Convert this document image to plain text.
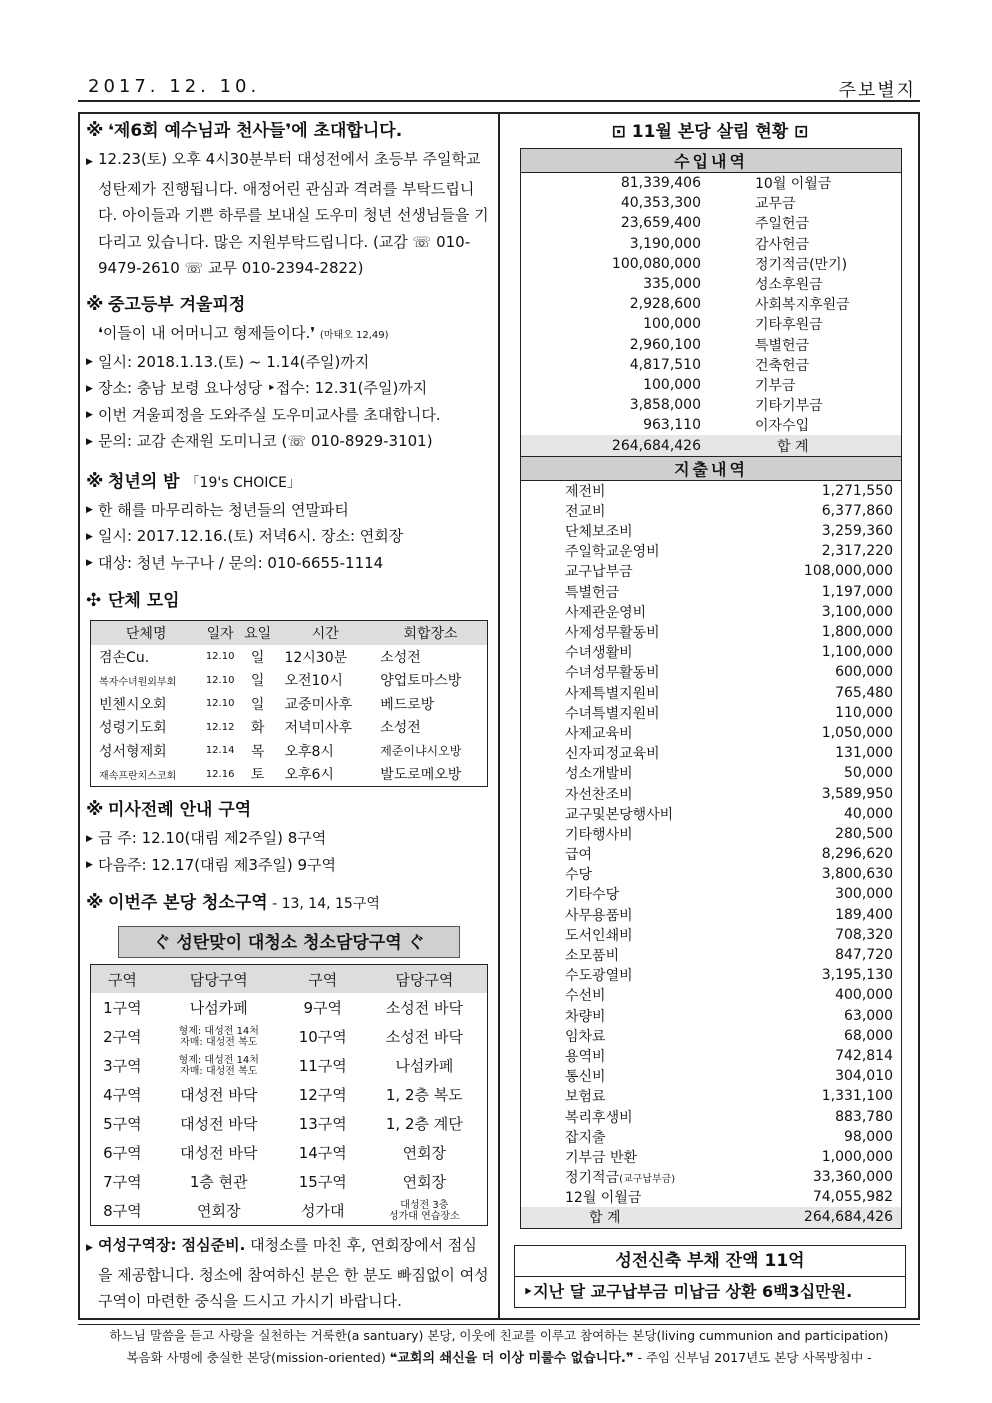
2017. 12. 10.	주보별지
※ ❛제6회 예수님과 천사들❜에 초대합니다.
▶ 12.23(토) 오후 4시30분부터 대성전에서 초등부 주일학교 성탄제가 진행됩니다. 애정어린 관심과 격려를 부탁드립니다. 아이들과 기쁜 하루를 보내실 도우미 청년 선생님들을 기다리고 있습니다. 많은 지원부탁드립니다. (교감 ☏ 010-9479-2610 ☏ 교무 010-2394-2822)
※ 중고등부 겨울피정
❛이들이 내 어머니고 형제들이다.❜ (마태오 12,49)
▶ 일시: 2018.1.13.(토) ~ 1.14(주일)까지
▶ 장소: 충남 보령 요나성당 ‣접수: 12.31(주일)까지
▶ 이번 겨울피정을 도와주실 도우미교사를 초대합니다.
▶ 문의: 교감 손재원 도미니코 (☏ 010-8929-3101)
※ 청년의 밤 「19's CHOICE」
▶ 한 해를 마무리하는 청년들의 연말파티
▶ 일시: 2017.12.16.(토) 저녁6시. 장소: 연회장
▶ 대상: 청년 누구나 / 문의: 010-6655-1114
✣ 단체 모임
단체명	일자	요일	시간	회합장소
겸손Cu.	12.10	일	12시30분	소성전
복자수녀원외부회	12.10	일	오전10시	양업토마스방
빈첸시오회	12.10	일	교중미사후	베드로방
성령기도회	12.12	화	저녁미사후	소성전
성서형제회	12.14	목	오후8시	제준이냐시오방
재속프란치스코회	12.16	토	오후6시	발도로메오방
※ 미사전례 안내 구역
▶ 금 주: 12.10(대림 제2주일) 8구역
▶ 다음주: 12.17(대림 제3주일) 9구역
※ 이번주 본당 청소구역 - 13, 14, 15구역
ぐ 성탄맞이 대청소 청소담당구역 ぐ
구역	담당구역	구역	담당구역
1구역	나섬카페	9구역	소성전 바닥
2구역	형제: 대성전 14처
자매: 대성전 복도	10구역	소성전 바닥
3구역	형제: 대성전 14처
자매: 대성전 복도	11구역	나섬카페
4구역	대성전 바닥	12구역	1, 2층 복도
5구역	대성전 바닥	13구역	1, 2층 계단
6구역	대성전 바닥	14구역	연회장
7구역	1층 현관	15구역	연회장
8구역	연회장	성가대	대성전 3층
성가대 연습장소
▶ 여성구역장: 점심준비. 대청소를 마친 후, 연회장에서 점심을 제공합니다. 청소에 참여하신 분은 한 분도 빠짐없이 여성구역이 마련한 중식을 드시고 가시기 바랍니다.
⊡ 11월 본당 살림 현황 ⊡
수입내역
81,339,406	10월 이월금
40,353,300	교무금
23,659,400	주일헌금
3,190,000	감사헌금
100,080,000	정기적금(만기)
335,000	성소후원금
2,928,600	사회복지후원금
100,000	기타후원금
2,960,100	특별헌금
4,817,510	건축헌금
100,000	기부금
3,858,000	기타기부금
963,110	이자수입
264,684,426	합 계
지출내역
제전비	1,271,550
전교비	6,377,860
단체보조비	3,259,360
주일학교운영비	2,317,220
교구납부금	108,000,000
특별헌금	1,197,000
사제관운영비	3,100,000
사제성무활동비	1,800,000
수녀생활비	1,100,000
수녀성무활동비	600,000
사제특별지원비	765,480
수녀특별지원비	110,000
사제교육비	1,050,000
신자피정교육비	131,000
성소개발비	50,000
자선찬조비	3,589,950
교구및본당행사비	40,000
기타행사비	280,500
급여	8,296,620
수당	3,800,630
기타수당	300,000
사무용품비	189,400
도서인쇄비	708,320
소모품비	847,720
수도광열비	3,195,130
수선비	400,000
차량비	63,000
임차료	68,000
용역비	742,814
통신비	304,010
보험료	1,331,100
복리후생비	883,780
잡지출	98,000
기부금 반환	1,000,000
정기적금(교구납부금)	33,360,000
12월 이월금	74,055,982
합 계	264,684,426
성전신축 부채 잔액 11억
‣지난 달 교구납부금 미납금 상환 6백3십만원.
하느님 말씀을 듣고 사랑을 실천하는 거룩한(a santuary) 본당, 이웃에 친교를 이루고 참여하는 본당(living cummunion and participation)
복음화 사명에 충실한 본당(mission-oriented) ❝교회의 쇄신을 더 이상 미룰수 없습니다.❞ - 주임 신부님 2017년도 본당 사목방침中 -
